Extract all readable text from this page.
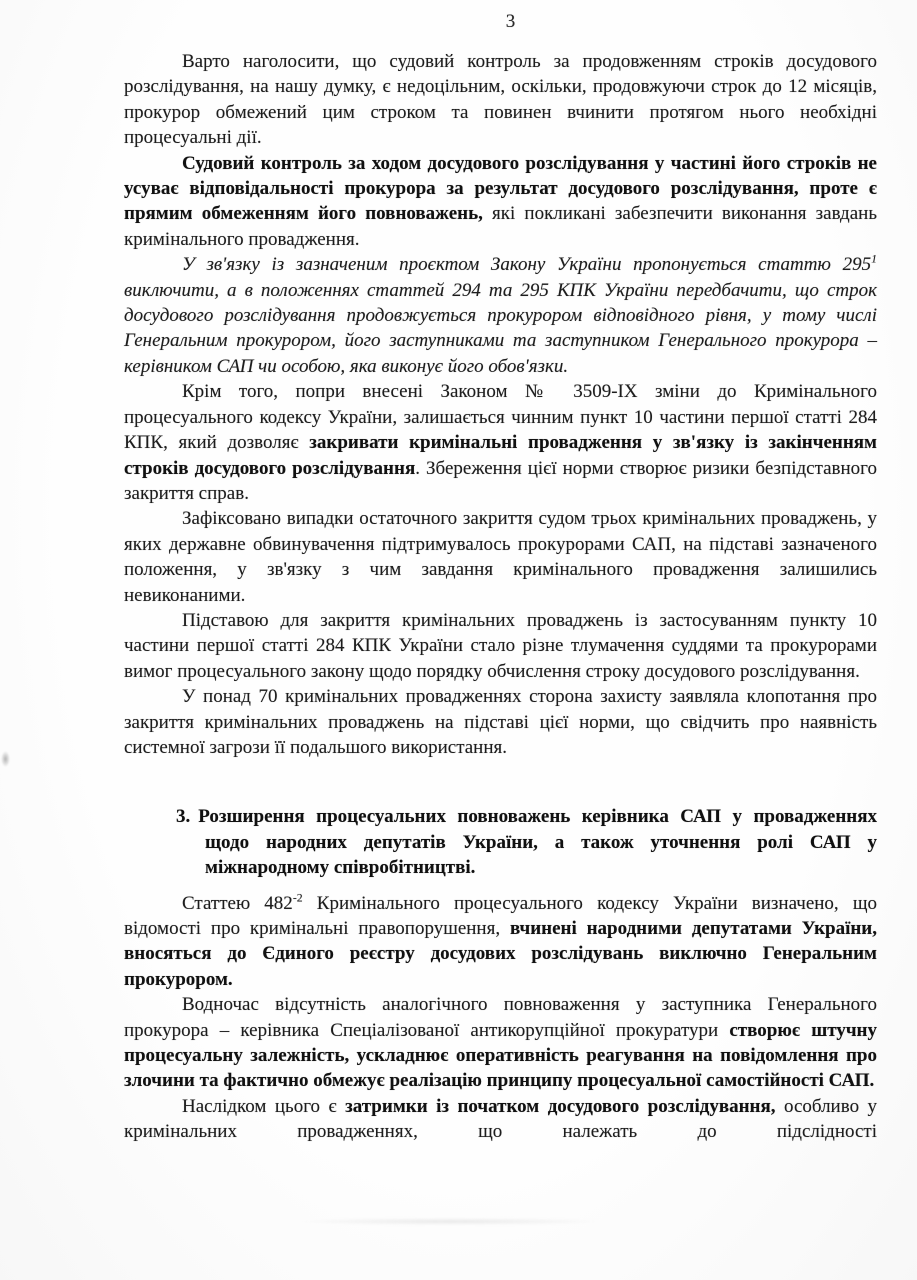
3

Варто наголосити, що судовий контроль за продовженням строків досудового розслідування, на нашу думку, є недоцільним, оскільки, продовжуючи строк до 12 місяців, прокурор обмежений цим строком та повинен вчинити протягом нього необхідні процесуальні дії.

Судовий контроль за ходом досудового розслідування у частині його строків не усуває відповідальності прокурора за результат досудового розслідування, проте є прямим обмеженням його повноважень, які покликані забезпечити виконання завдань кримінального провадження.

У зв'язку із зазначеним проєктом Закону України пропонується статтю $295^1$ виключити, а в положеннях статтей 294 та 295 КПК України передбачити, що строк досудового розслідування продовжується прокурором відповідного рівня, у тому числі Генеральним прокурором, його заступниками та заступником Генерального прокурора – керівником САП чи особою, яка виконує його обов'язки.

Крім того, попри внесені Законом № 3509-IX зміни до Кримінального процесуального кодексу України, залишається чинним пункт 10 частини першої статті 284 КПК, який дозволяє закривати кримінальні провадження у зв'язку із закінченням строків досудового розслідування. Збереження цієї норми створює ризики безпідставного закриття справ.

Зафіксовано випадки остаточного закриття судом трьох кримінальних проваджень, у яких державне обвинувачення підтримувалось прокурорами САП, на підставі зазначеного положення, у зв'язку з чим завдання кримінального провадження залишились невиконаними.

Підставою для закриття кримінальних проваджень із застосуванням пункту 10 частини першої статті 284 КПК України стало різне тлумачення суддями та прокурорами вимог процесуального закону щодо порядку обчислення строку досудового розслідування.

У понад 70 кримінальних провадженнях сторона захисту заявляла клопотання про закриття кримінальних проваджень на підставі цієї норми, що свідчить про наявність системної загрози її подальшого використання.

3. Розширення процесуальних повноважень керівника САП у провадженнях щодо народних депутатів України, а також уточнення ролі САП у міжнародному співробітництві.

Статтею $482^{-2}$ Кримінального процесуального кодексу України визначено, що відомості про кримінальні правопорушення, вчинені народними депутатами України, вносяться до Єдиного реєстру досудових розслідувань виключно Генеральним прокурором.

Водночас відсутність аналогічного повноваження у заступника Генерального прокурора – керівника Спеціалізованої антикорупційної прокуратури створює штучну процесуальну залежність, ускладнює оперативність реагування на повідомлення про злочини та фактично обмежує реалізацію принципу процесуальної самостійності САП.

Наслідком цього є затримки із початком досудового розслідування, особливо у кримінальних провадженнях, що належать до підслідності
